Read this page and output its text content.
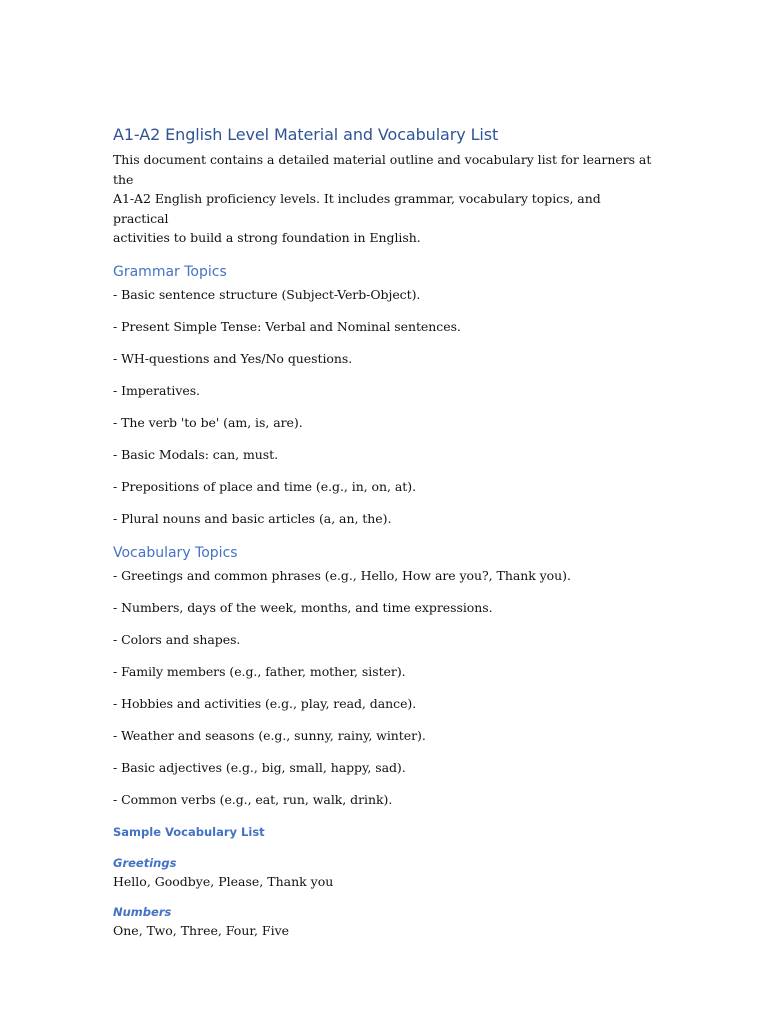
A1-A2 English Level Material and Vocabulary List

This document contains a detailed material outline and vocabulary list for learners at the
A1-A2 English proficiency levels. It includes grammar, vocabulary topics, and practical
activities to build a strong foundation in English.

Grammar Topics
- Basic sentence structure (Subject-Verb-Object).
- Present Simple Tense: Verbal and Nominal sentences.
- WH-questions and Yes/No questions.
- Imperatives.
- The verb 'to be' (am, is, are).
- Basic Modals: can, must.
- Prepositions of place and time (e.g., in, on, at).
- Plural nouns and basic articles (a, an, the).
Vocabulary Topics
- Greetings and common phrases (e.g., Hello, How are you?, Thank you).
- Numbers, days of the week, months, and time expressions.
- Colors and shapes.
- Family members (e.g., father, mother, sister).
- Hobbies and activities (e.g., play, read, dance).
- Weather and seasons (e.g., sunny, rainy, winter).
- Basic adjectives (e.g., big, small, happy, sad).
- Common verbs (e.g., eat, run, walk, drink).
Sample Vocabulary List
Greetings

Hello, Goodbye, Please, Thank you

Numbers

One, Two, Three, Four, Five
